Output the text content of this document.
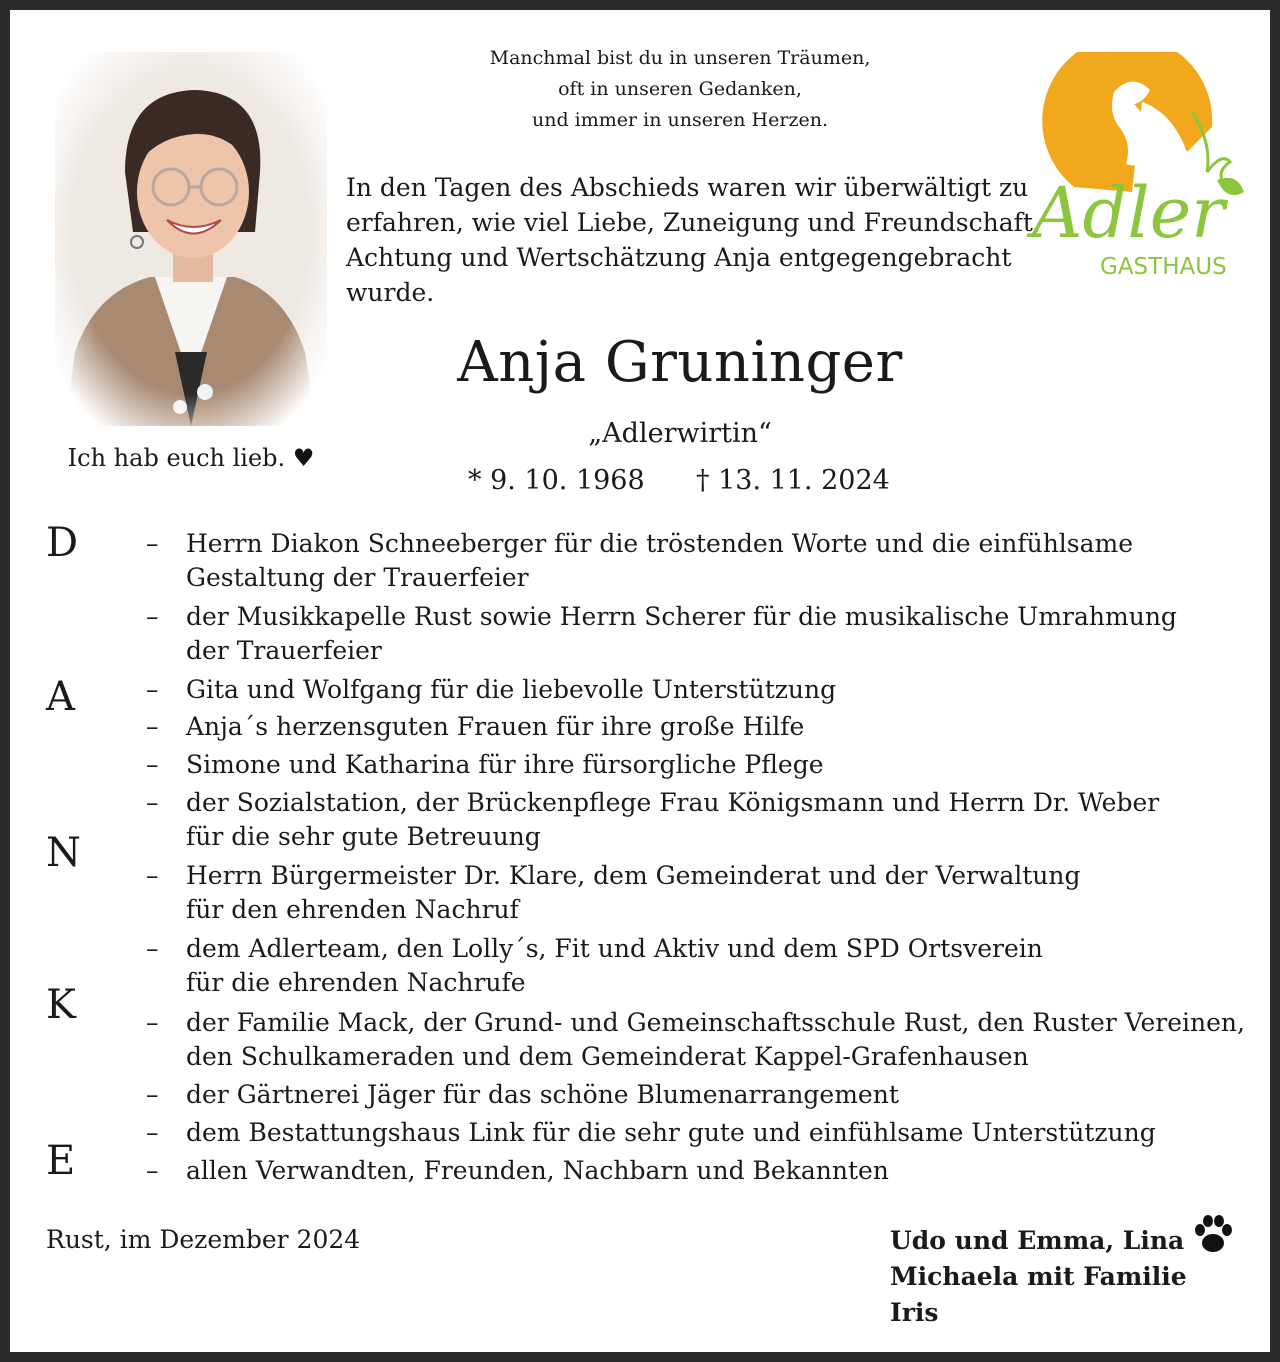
Ich hab euch lieb. ♥
Manchmal bist du in unseren Träumen,
oft in unseren Gedanken,
und immer in unseren Herzen.
In den Tagen des Abschieds waren wir überwältigt zu
erfahren, wie viel Liebe, Zuneigung und Freundschaft,
Achtung und Wertschätzung Anja entgegengebracht
wurde.
Adler
GASTHAUS
Anja Gruninger
„Adlerwirtin“
* 9. 10. 1968 † 13. 11. 2024
D
A
N
K
E
– Herrn Diakon Schneeberger für die tröstenden Worte und die einfühlsame
Gestaltung der Trauerfeier
– der Musikkapelle Rust sowie Herrn Scherer für die musikalische Umrahmung
der Trauerfeier
– Gita und Wolfgang für die liebevolle Unterstützung
– Anja´s herzensguten Frauen für ihre große Hilfe
– Simone und Katharina für ihre fürsorgliche Pflege
– der Sozialstation, der Brückenpflege Frau Königsmann und Herrn Dr. Weber
für die sehr gute Betreuung
– Herrn Bürgermeister Dr. Klare, dem Gemeinderat und der Verwaltung
für den ehrenden Nachruf
– dem Adlerteam, den Lolly´s, Fit und Aktiv und dem SPD Ortsverein
für die ehrenden Nachrufe
– der Familie Mack, der Grund- und Gemeinschaftsschule Rust, den Ruster Vereinen,
den Schulkameraden und dem Gemeinderat Kappel-Grafenhausen
– der Gärtnerei Jäger für das schöne Blumenarrangement
– dem Bestattungshaus Link für die sehr gute und einfühlsame Unterstützung
– allen Verwandten, Freunden, Nachbarn und Bekannten
Rust, im Dezember 2024	Udo und Emma, Lina
Michaela mit Familie
Iris
